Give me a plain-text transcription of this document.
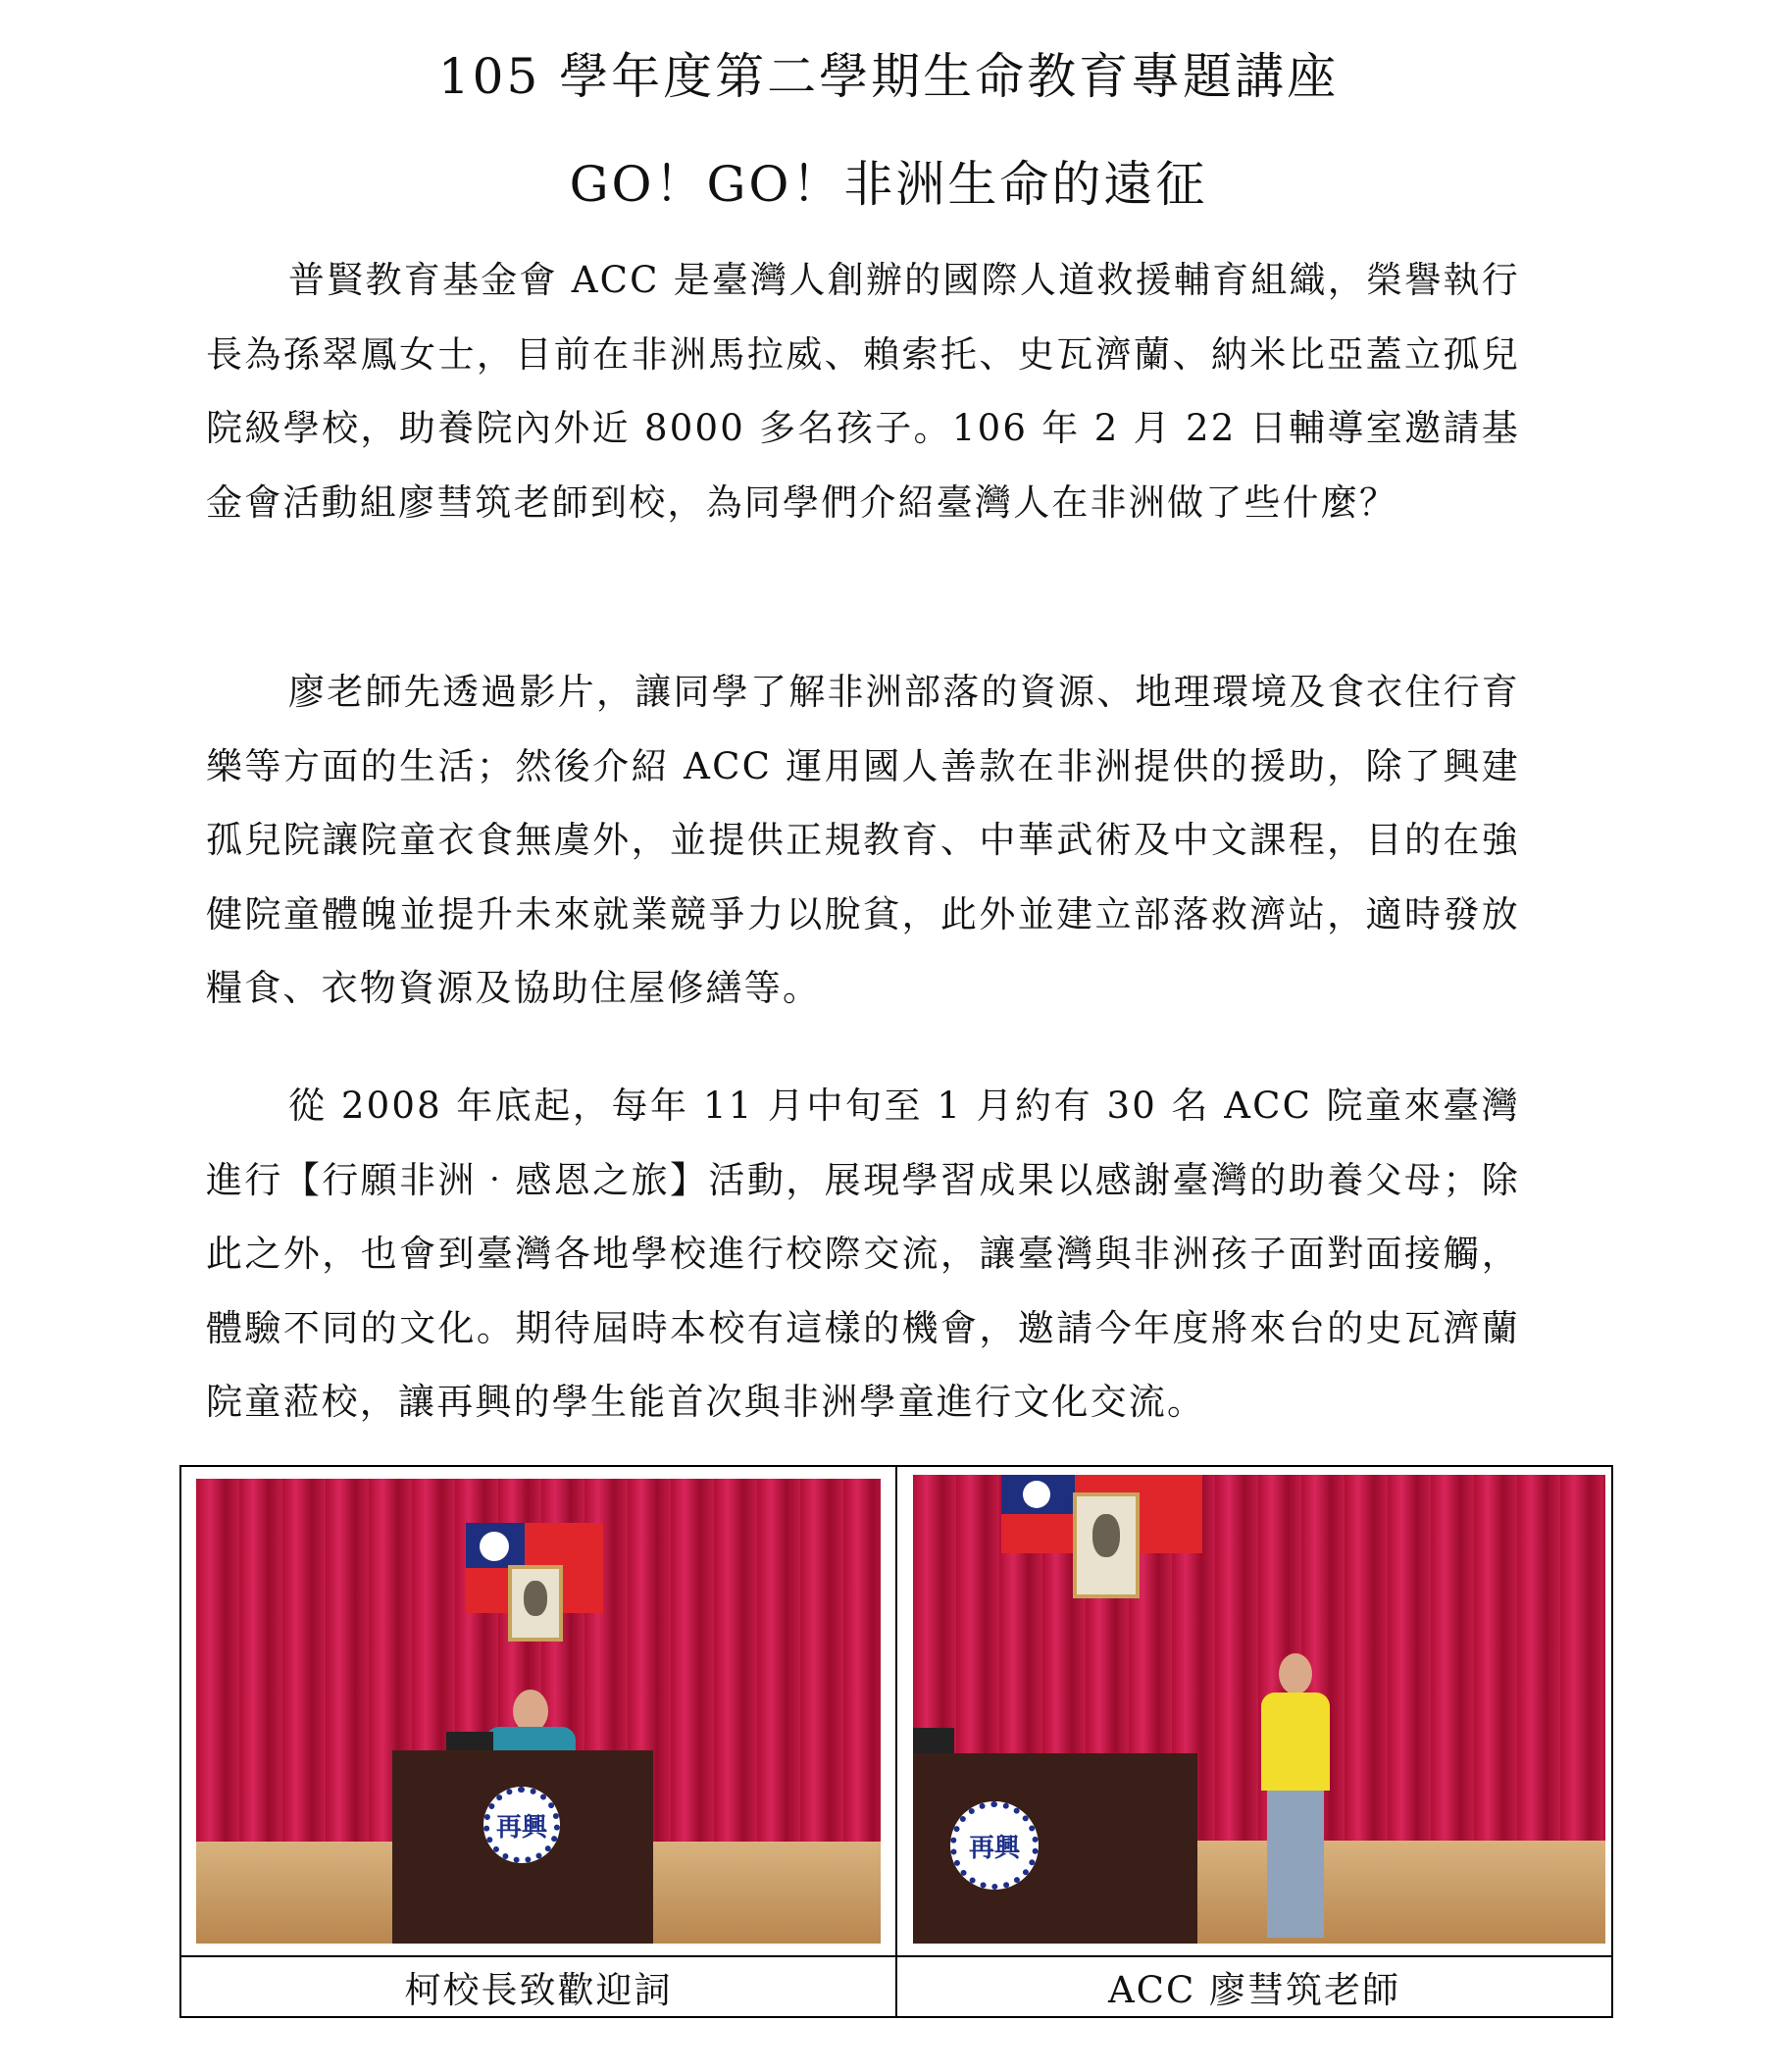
105 學年度第二學期生命教育專題講座
GO！GO！非洲生命的遠征

普賢教育基金會 ACC 是臺灣人創辦的國際人道救援輔育組織，榮譽執行長為孫翠鳳女士，目前在非洲馬拉威、賴索托、史瓦濟蘭、納米比亞蓋立孤兒院級學校，助養院內外近 8000 多名孩子。106 年 2 月 22 日輔導室邀請基金會活動組廖彗筑老師到校，為同學們介紹臺灣人在非洲做了些什麼？

廖老師先透過影片，讓同學了解非洲部落的資源、地理環境及食衣住行育樂等方面的生活；然後介紹 ACC 運用國人善款在非洲提供的援助，除了興建孤兒院讓院童衣食無虞外，並提供正規教育、中華武術及中文課程，目的在強健院童體魄並提升未來就業競爭力以脫貧，此外並建立部落救濟站，適時發放糧食、衣物資源及協助住屋修繕等。

從 2008 年底起，每年 11 月中旬至 1 月約有 30 名 ACC 院童來臺灣進行【行願非洲‧感恩之旅】活動，展現學習成果以感謝臺灣的助養父母；除此之外，也會到臺灣各地學校進行校際交流，讓臺灣與非洲孩子面對面接觸，體驗不同的文化。期待屆時本校有這樣的機會，邀請今年度將來台的史瓦濟蘭院童蒞校，讓再興的學生能首次與非洲學童進行文化交流。

再興	再興

柯校長致歡迎詞	ACC 廖彗筑老師
